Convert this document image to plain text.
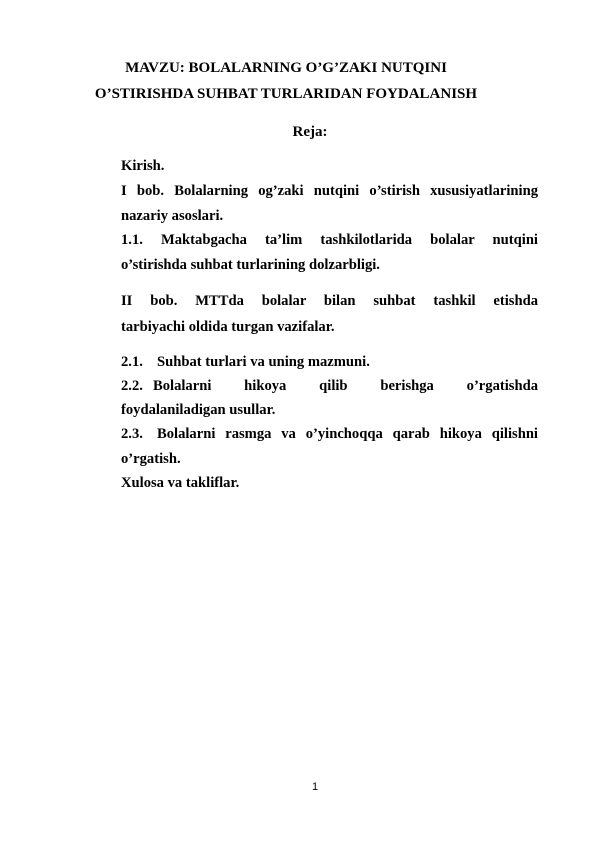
MAVZU: BOLALARNING O’G’ZAKI NUTQINI
O’STIRISHDA SUHBAT TURLARIDAN FOYDALANISH
Reja:
Kirish.
I bob. Bolalarning og’zaki nutqini o’stirish xususiyatlarining
nazariy asoslari.
1.1. Maktabgacha ta’lim tashkilotlarida bolalar nutqini
o’stirishda suhbat turlarining dolzarbligi.
II bob. MTTda bolalar bilan suhbat tashkil etishda
tarbiyachi oldida turgan vazifalar.
2.1. Suhbat turlari va uning mazmuni.
2.2. Bolalarni hikoya qilib berishga o’rgatishda
foydalaniladigan usullar.
2.3. Bolalarni rasmga va o’yinchoqqa qarab hikoya qilishni
o’rgatish.
Xulosa va takliflar.
1
